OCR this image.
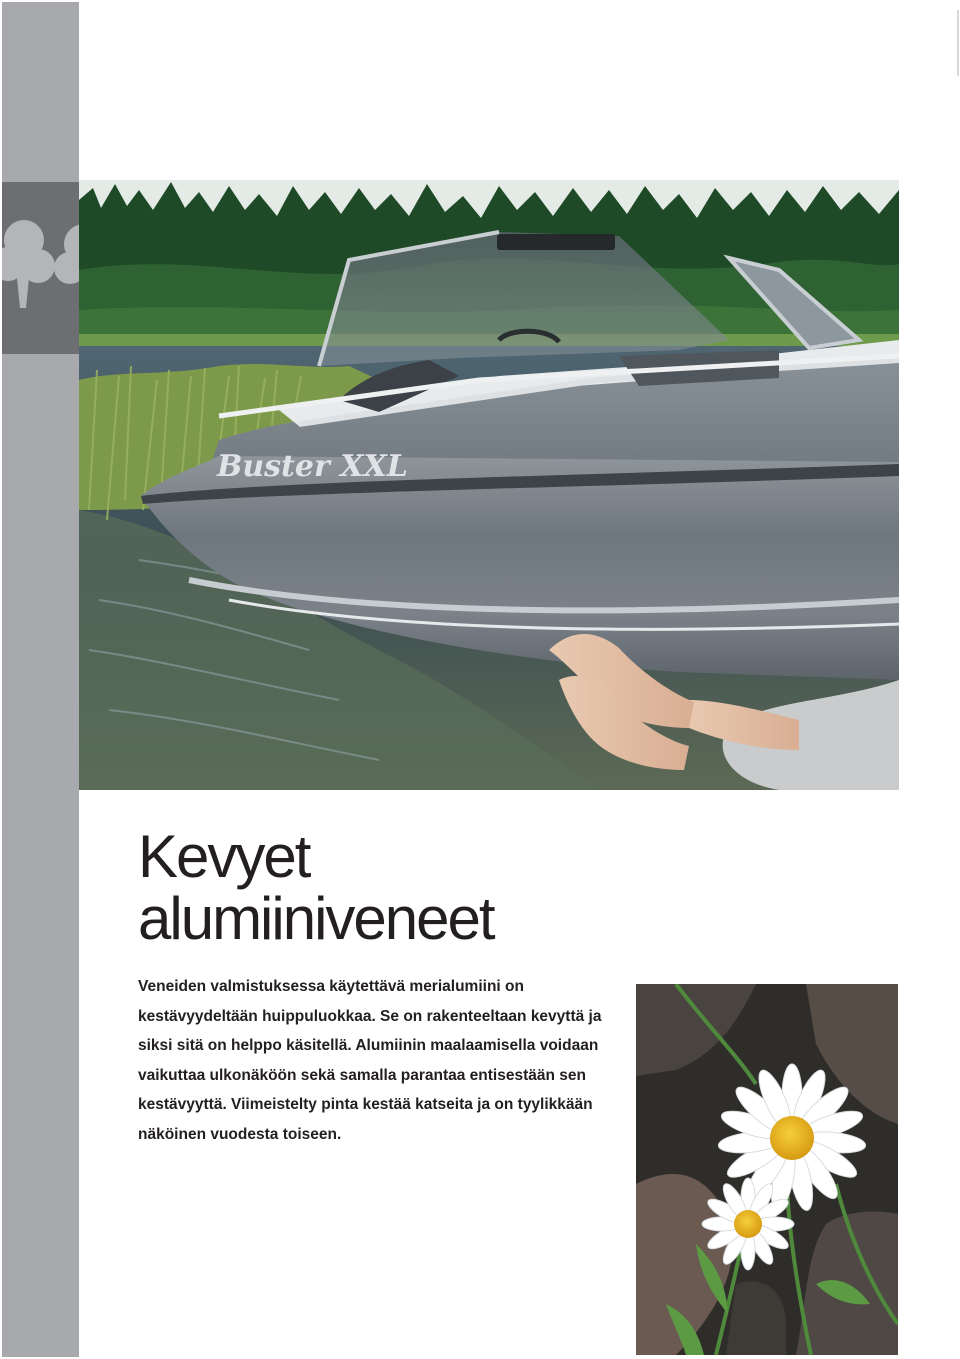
Buster XXL
Kevyet
alumiiniveneet

Veneiden valmistuksessa käytettävä merialumiini on kestävyydeltään huippuluokkaa. Se on rakenteeltaan kevyttä ja siksi sitä on helppo käsitellä. Alumiinin maalaamisella voidaan vaikuttaa ulkonäköön sekä samalla parantaa entisestään sen kestävyyttä. Viimeistelty pinta kestää katseita ja on tyylikkään näköinen vuodesta toiseen.
